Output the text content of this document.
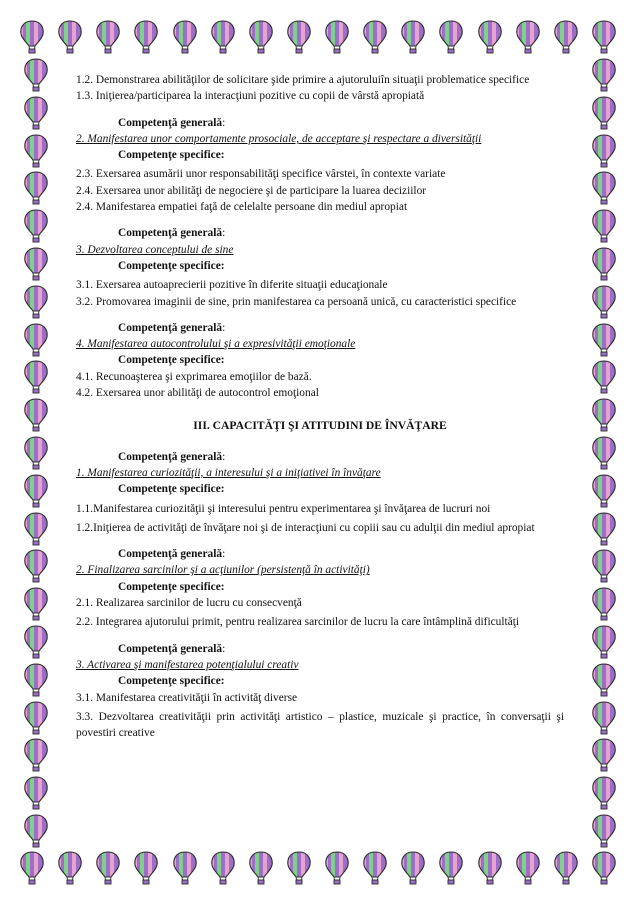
1.2. Demonstrarea abilităţilor de solicitare şide primire a ajutoruluiîn situaţii problematice specifice

1.3. Iniţierea/participarea la interacţiuni pozitive cu copii de vârstă apropiată

Competenţă generală:

2. Manifestarea unor comportamente prosociale, de acceptare şi respectare a diversităţii

Competenţe specifice:

2.3. Exersarea asumării unor responsabilităţi specifice vârstei, în contexte variate

2.4. Exersarea unor abilităţi de negociere şi de participare la luarea deciziilor

2.4. Manifestarea empatiei faţă de celelalte persoane din mediul apropiat

Competenţă generală:

3. Dezvoltarea conceptului de sine

Competenţe specifice:

3.1. Exersarea autoaprecierii pozitive în diferite situaţii educaţionale

3.2. Promovarea imaginii de sine, prin manifestarea ca persoană unică, cu caracteristici specifice

Competenţă generală:

4. Manifestarea autocontrolului şi a expresivităţii emoţionale

Competenţe specifice:

4.1. Recunoaşterea şi exprimarea emoţiilor de bază.

4.2. Exersarea unor abilităţi de autocontrol emoţional

III. CAPACITĂŢI ŞI ATITUDINI DE ÎNVĂŢARE

Competenţă generală:

1. Manifestarea curiozităţii, a interesului şi a iniţiativei în învăţare

Competenţe specifice:

1.1.Manifestarea curiozităţii şi interesului pentru experimentarea şi învăţarea de lucruri noi

1.2.Iniţierea de activităţi de învăţare noi şi de interacţiuni cu copiii sau cu adulţii din mediul apropiat

Competenţă generală:

2. Finalizarea sarcinilor şi a acţiunilor (persistenţă în activităţi)

Competenţe specifice:

2.1. Realizarea sarcinilor de lucru cu consecvenţă

2.2. Integrarea ajutorului primit, pentru realizarea sarcinilor de lucru la care întâmplină dificultăţi

Competenţă generală:

3. Activarea şi manifestarea potenţialului creativ

Competenţe specifice:

3.1. Manifestarea creativităţii în activităţ diverse

3.3. Dezvoltarea creativităţii prin activităţi artistico – plastice, muzicale şi practice, în conversaţii şi povestiri creative
